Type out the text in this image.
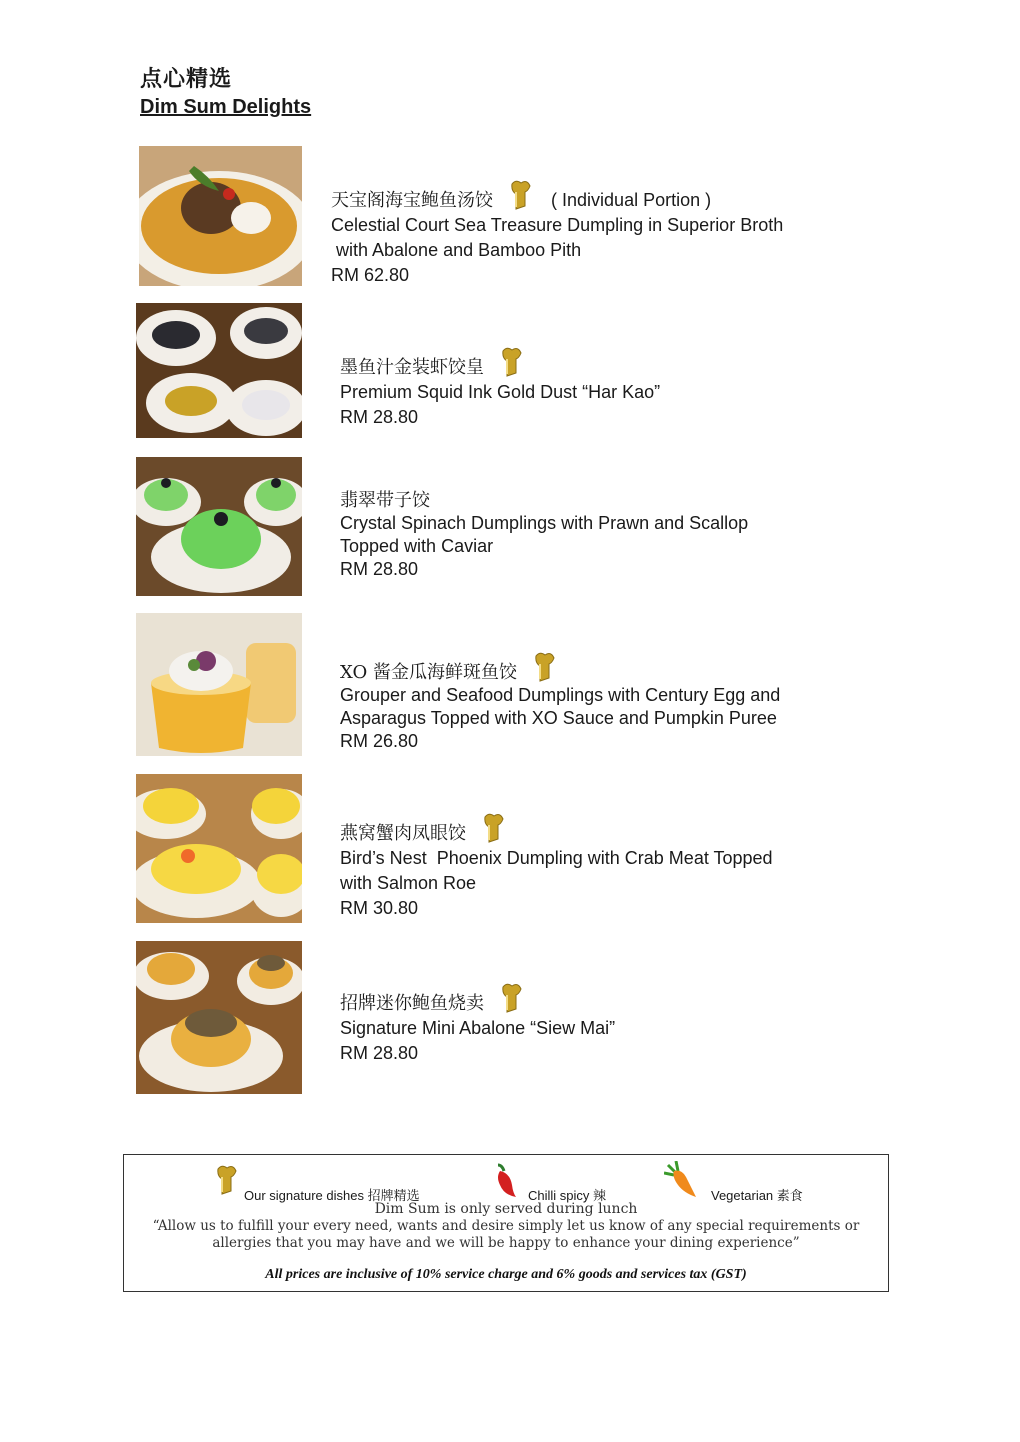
点心精选
Dim Sum Delights
天宝阁海宝鲍鱼汤饺	( Individual Portion )
Celestial Court Sea Treasure Dumpling in Superior Broth
with Abalone and Bamboo Pith
RM 62.80
墨鱼汁金装虾饺皇
Premium Squid Ink Gold Dust “Har Kao”
RM 28.80
翡翠带子饺
Crystal Spinach Dumplings with Prawn and Scallop
Topped with Caviar
RM 28.80
XO 酱金瓜海鲜斑鱼饺
Grouper and Seafood Dumplings with Century Egg and
Asparagus Topped with XO Sauce and Pumpkin Puree
RM 26.80
燕窝蟹肉凤眼饺
Bird’s Nest  Phoenix Dumpling with Crab Meat Topped
with Salmon Roe
RM 30.80
招牌迷你鲍鱼烧卖
Signature Mini Abalone “Siew Mai”
RM 28.80
Our signature dishes 招牌精选	Chilli spicy 辣	Vegetarian 素食
Dim Sum is only served during lunch
“Allow us to fulfill your every need, wants and desire simply let us know of any special requirements or
allergies that you may have and we will be happy to enhance your dining experience”
All prices are inclusive of 10% service charge and 6% goods and services tax (GST)
